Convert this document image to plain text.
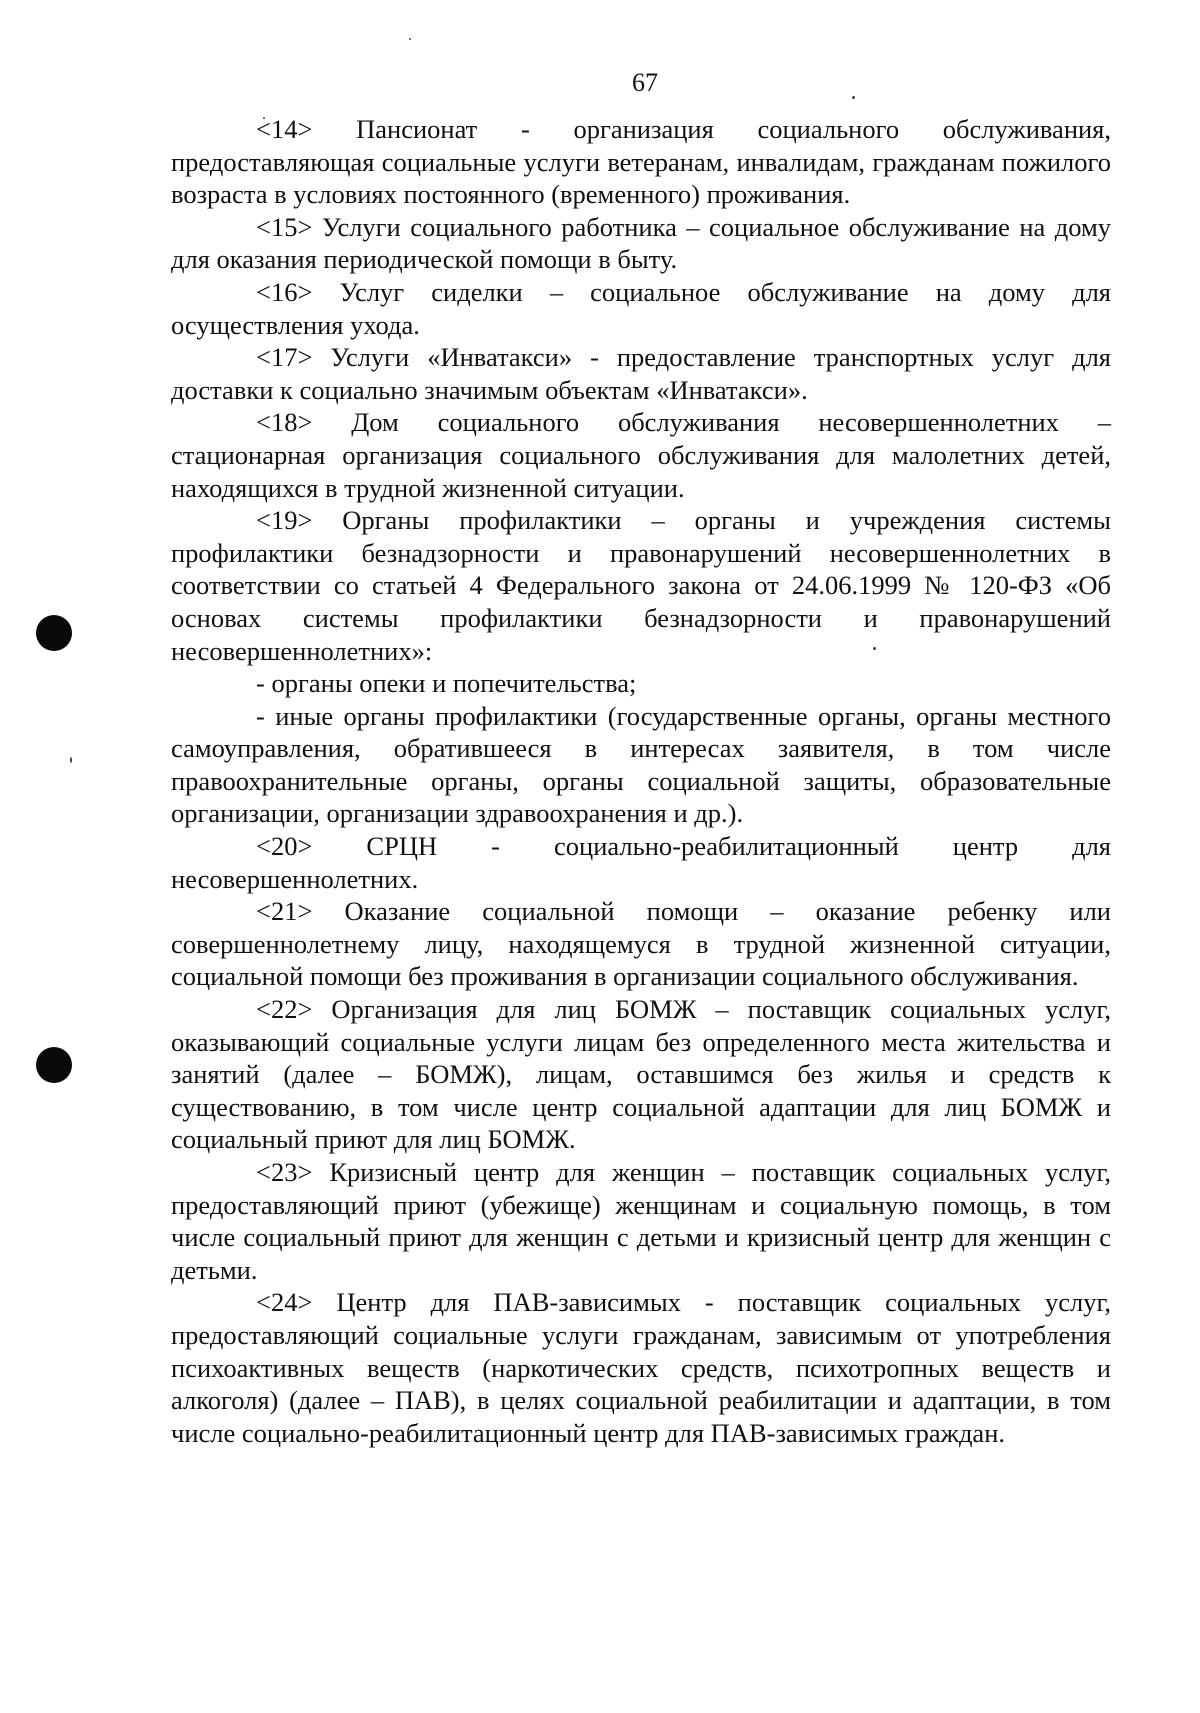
67

<14> Пансионат - организация социального обслуживания, предоставляющая социальные услуги ветеранам, инвалидам, гражданам пожилого возраста в условиях постоянного (временного) проживания.

<15> Услуги социального работника – социальное обслуживание на дому для оказания периодической помощи в быту.

<16> Услуг сиделки – социальное обслуживание на дому для осуществления ухода.

<17> Услуги «Инватакси» - предоставление транспортных услуг для доставки к социально значимым объектам «Инватакси».

<18> Дом социального обслуживания несовершеннолетних – стационарная организация социального обслуживания для малолетних детей, находящихся в трудной жизненной ситуации.

<19> Органы профилактики – органы и учреждения системы профилактики безнадзорности и правонарушений несовершеннолетних в соответствии со статьей 4 Федерального закона от 24.06.1999 № 120-ФЗ «Об основах системы профилактики безнадзорности и правонарушений несовершеннолетних»:

- органы опеки и попечительства;

- иные органы профилактики (государственные органы, органы местного самоуправления, обратившееся в интересах заявителя, в том числе правоохранительные органы, органы социальной защиты, образовательные организации, организации здравоохранения и др.).

<20> СРЦН - социально-реабилитационный центр для несовершеннолетних.

<21> Оказание социальной помощи – оказание ребенку или совершеннолетнему лицу, находящемуся в трудной жизненной ситуации, социальной помощи без проживания в организации социального обслуживания.

<22> Организация для лиц БОМЖ – поставщик социальных услуг, оказывающий социальные услуги лицам без определенного места жительства и занятий (далее – БОМЖ), лицам, оставшимся без жилья и средств к существованию, в том числе центр социальной адаптации для лиц БОМЖ и социальный приют для лиц БОМЖ.

<23> Кризисный центр для женщин – поставщик социальных услуг, предоставляющий приют (убежище) женщинам и социальную помощь, в том числе социальный приют для женщин с детьми и кризисный центр для женщин с детьми.

<24> Центр для ПАВ-зависимых - поставщик социальных услуг, предоставляющий социальные услуги гражданам, зависимым от употребления психоактивных веществ (наркотических средств, психотропных веществ и алкоголя) (далее – ПАВ), в целях социальной реабилитации и адаптации, в том числе социально-реабилитационный центр для ПАВ-зависимых граждан.
